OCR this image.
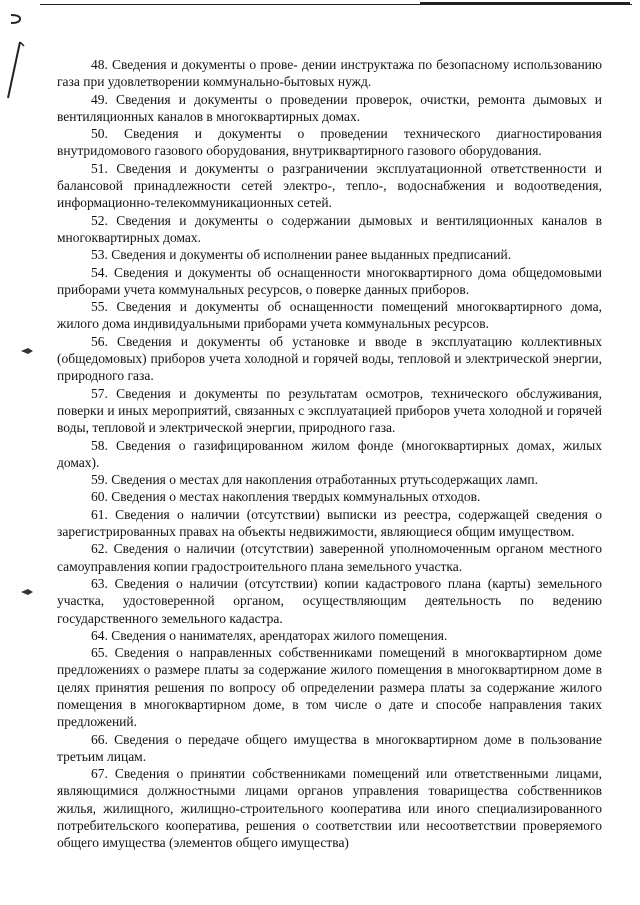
48. Сведения и документы о прове- дении инструктажа по безопасному использованию газа при удовлетворении коммунально-бытовых нужд.

49. Сведения и документы о проведении проверок, очистки, ремонта дымовых и вентиляционных каналов в многоквартирных домах.

50. Сведения и документы о проведении технического диагностирования внутридомового газового оборудования, внутриквартирного газового оборудования.

51. Сведения и документы о разграничении эксплуатационной ответственности и балансовой принадлежности сетей электро-, тепло-, водоснабжения и водоотведения, информационно-телекоммуникационных сетей.

52. Сведения и документы о содержании дымовых и вентиляционных каналов в многоквартирных домах.

53. Сведения и документы об исполнении ранее выданных предписаний.

54. Сведения и документы об оснащенности многоквартирного дома общедомовыми приборами учета коммунальных ресурсов, о поверке данных приборов.

55. Сведения и документы об оснащенности помещений многоквартирного дома, жилого дома индивидуальными приборами учета коммунальных ресурсов.

56. Сведения и документы об установке и вводе в эксплуатацию коллективных (общедомовых) приборов учета холодной и горячей воды, тепловой и электрической энергии, природного газа.

57. Сведения и документы по результатам осмотров, технического обслуживания, поверки и иных мероприятий, связанных с эксплуатацией приборов учета холодной и горячей воды, тепловой и электрической энергии, природного газа.

58. Сведения о газифицированном жилом фонде (многоквартирных домах, жилых домах).

59. Сведения о местах для накопления отработанных ртутьсодержащих ламп.

60. Сведения о местах накопления твердых коммунальных отходов.

61. Сведения о наличии (отсутствии) выписки из реестра, содержащей сведения о зарегистрированных правах на объекты недвижимости, являющиеся общим имуществом.

62. Сведения о наличии (отсутствии) заверенной уполномоченным органом местного самоуправления копии градостроительного плана земельного участка.

63. Сведения о наличии (отсутствии) копии кадастрового плана (карты) земельного участка, удостоверенной органом, осуществляющим деятельность по ведению государственного земельного кадастра.

64. Сведения о нанимателях, арендаторах жилого помещения.

65. Сведения о направленных собственниками помещений в многоквартирном доме предложениях о размере платы за содержание жилого помещения в многоквартирном доме в целях принятия решения по вопросу об определении размера платы за содержание жилого помещения в многоквартирном доме, в том числе о дате и способе направления таких предложений.

66. Сведения о передаче общего имущества в многоквартирном доме в пользование третьим лицам.

67. Сведения о принятии собственниками помещений или ответственными лицами, являющимися должностными лицами органов управления товарищества собственников жилья, жилищного, жилищно-строительного кооператива или иного специализированного потребительского кооператива, решения о соответствии или несоответствии проверяемого общего имущества (элементов общего имущества)
